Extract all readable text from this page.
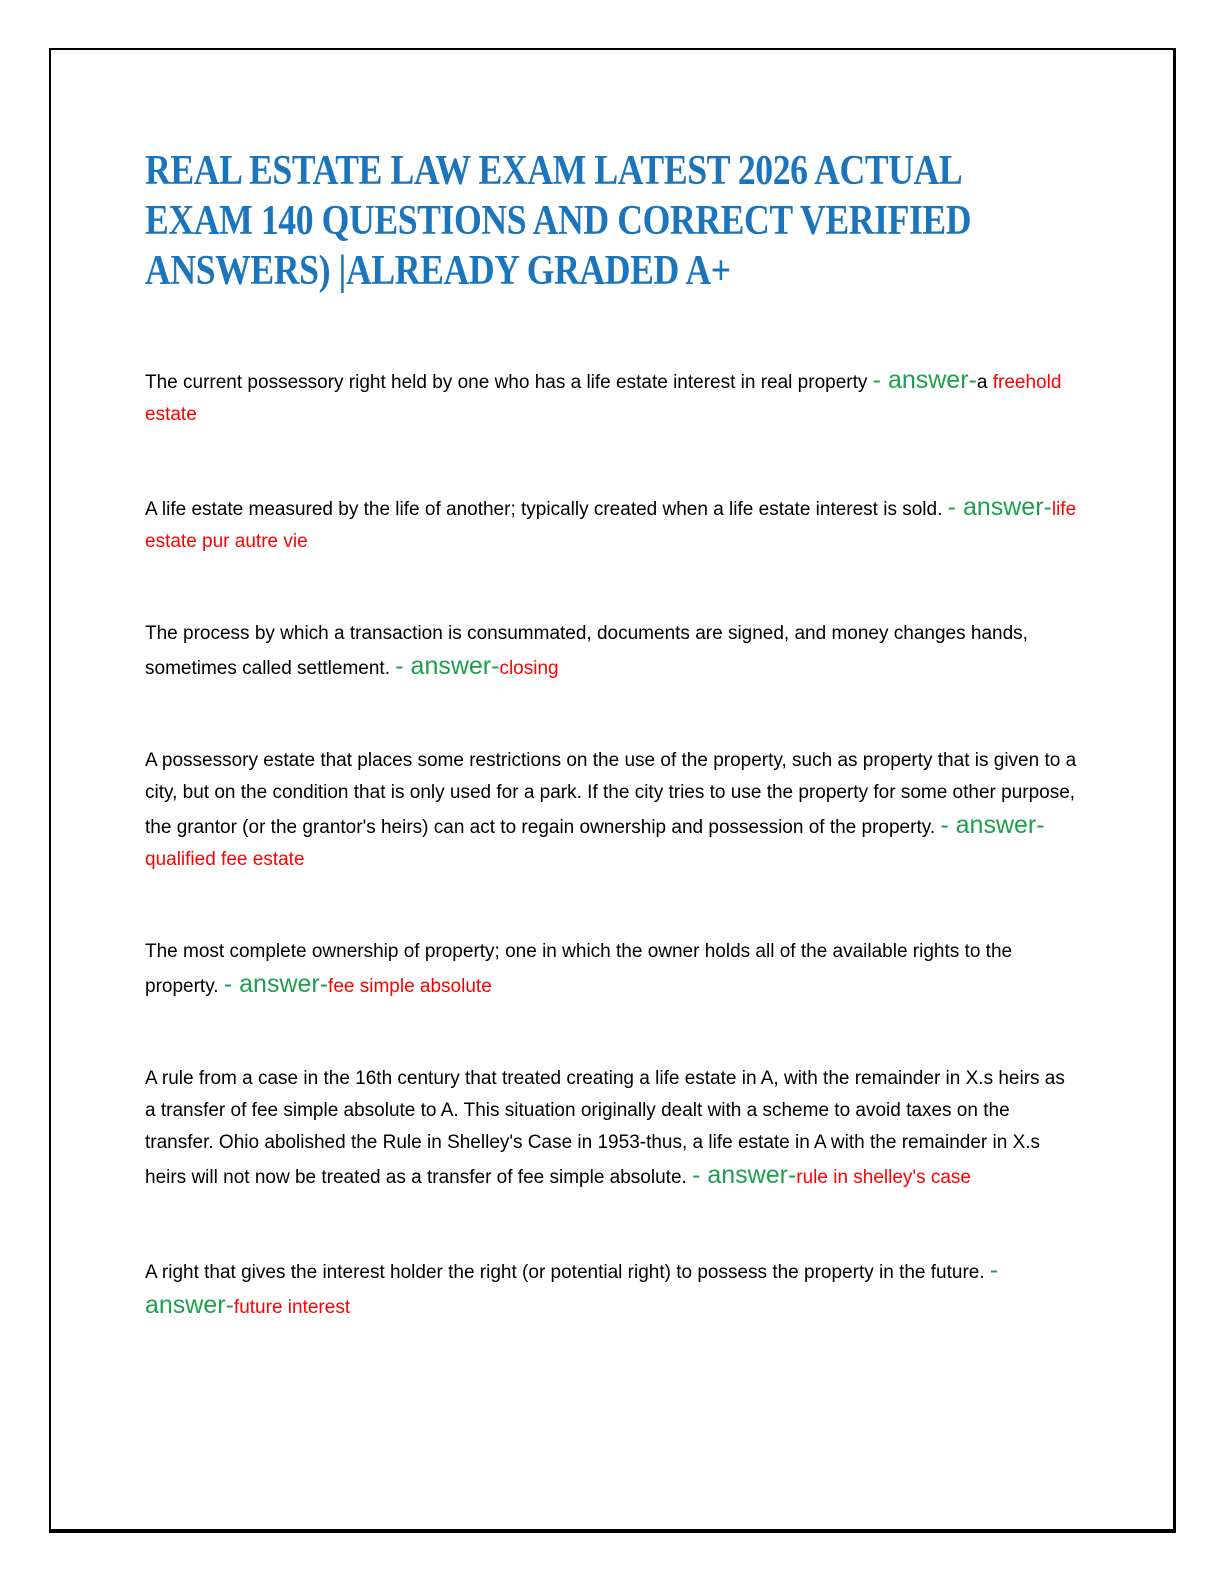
REAL ESTATE LAW EXAM LATEST 2026 ACTUAL
EXAM 140 QUESTIONS AND CORRECT VERIFIED
ANSWERS) |ALREADY GRADED A+

The current possessory right held by one who has a life estate interest in real property - answer-a freehold estate

A life estate measured by the life of another; typically created when a life estate interest is sold. - answer-life estate pur autre vie

The process by which a transaction is consummated, documents are signed, and money changes hands, sometimes called settlement. - answer-closing

A possessory estate that places some restrictions on the use of the property, such as property that is given to a city, but on the condition that is only used for a park. If the city tries to use the property for some other purpose, the grantor (or the grantor's heirs) can act to regain ownership and possession of the property. - answer-qualified fee estate

The most complete ownership of property; one in which the owner holds all of the available rights to the property. - answer-fee simple absolute

A rule from a case in the 16th century that treated creating a life estate in A, with the remainder in X.s heirs as a transfer of fee simple absolute to A. This situation originally dealt with a scheme to avoid taxes on the transfer. Ohio abolished the Rule in Shelley's Case in 1953-thus, a life estate in A with the remainder in X.s heirs will not now be treated as a transfer of fee simple absolute. - answer-rule in shelley's case

A right that gives the interest holder the right (or potential right) to possess the property in the future. - answer-future interest
